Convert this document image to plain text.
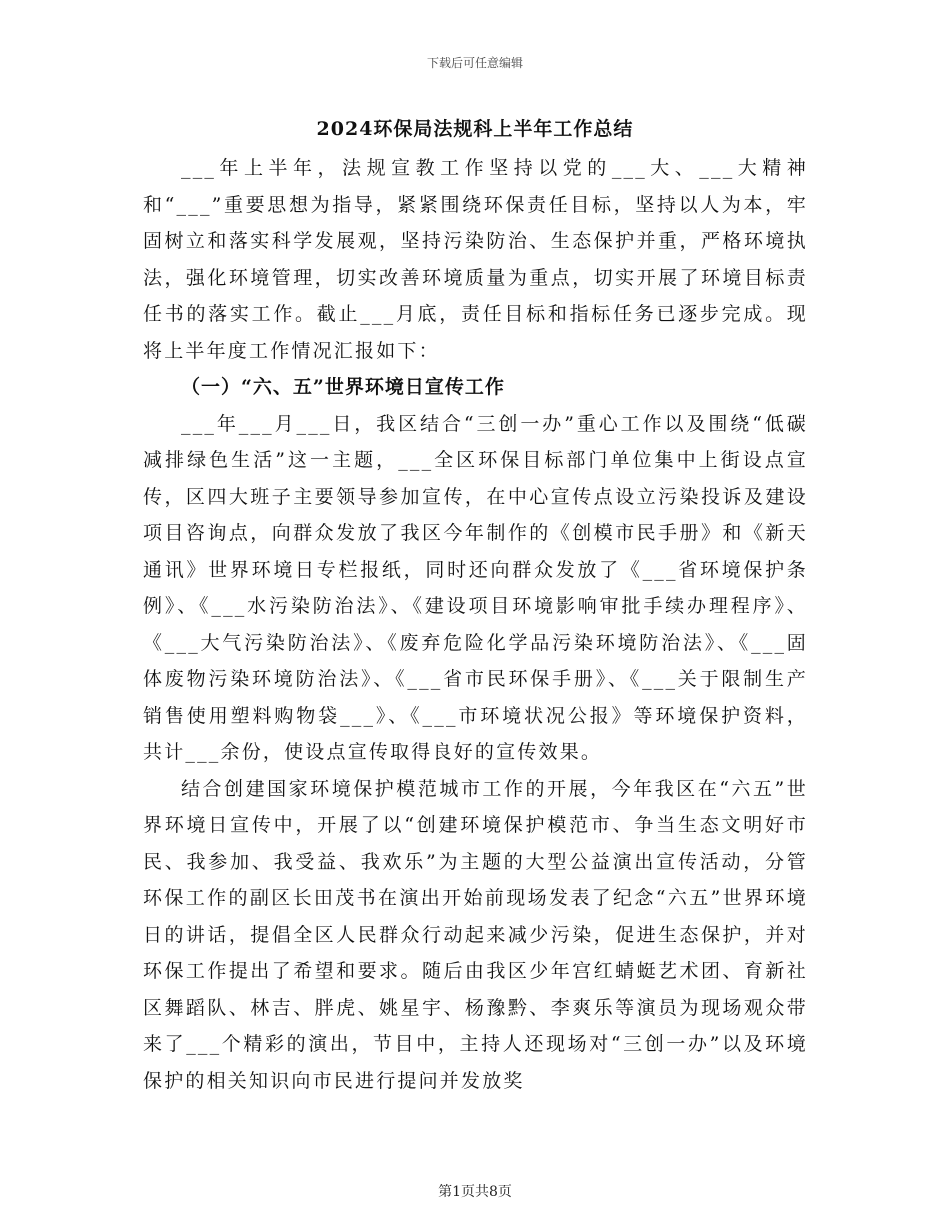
下载后可任意编辑
2024环保局法规科上半年工作总结

___年上半年，法规宣教工作坚持以党的___大、___大精神和“___”重要思想为指导，紧紧围绕环保责任目标，坚持以人为本，牢固树立和落实科学发展观，坚持污染防治、生态保护并重，严格环境执法，强化环境管理，切实改善环境质量为重点，切实开展了环境目标责任书的落实工作。截止___月底，责任目标和指标任务已逐步完成。现将上半年度工作情况汇报如下：

（一）“六、五”世界环境日宣传工作

___年___月___日，我区结合“三创一办”重心工作以及围绕“低碳减排绿色生活”这一主题，___全区环保目标部门单位集中上街设点宣传，区四大班子主要领导参加宣传，在中心宣传点设立污染投诉及建设项目咨询点，向群众发放了我区今年制作的《创模市民手册》和《新天通讯》世界环境日专栏报纸，同时还向群众发放了《___省环境保护条例》、《___水污染防治法》、《建设项目环境影响审批手续办理程序》、《___大气污染防治法》、《废弃危险化学品污染环境防治法》、《___固体废物污染环境防治法》、《___省市民环保手册》、《___关于限制生产销售使用塑料购物袋___》、《___市环境状况公报》等环境保护资料，共计___余份，使设点宣传取得良好的宣传效果。

结合创建国家环境保护模范城市工作的开展，今年我区在“六五”世界环境日宣传中，开展了以“创建环境保护模范市、争当生态文明好市民、我参加、我受益、我欢乐”为主题的大型公益演出宣传活动，分管环保工作的副区长田茂书在演出开始前现场发表了纪念“六五”世界环境日的讲话，提倡全区人民群众行动起来减少污染，促进生态保护，并对环保工作提出了希望和要求。随后由我区少年宫红蜻蜓艺术团、育新社区舞蹈队、林吉、胖虎、姚星宇、杨豫黔、李爽乐等演员为现场观众带来了___个精彩的演出，节目中，主持人还现场对“三创一办”以及环境保护的相关知识向市民进行提问并发放奖

第1页共8页
